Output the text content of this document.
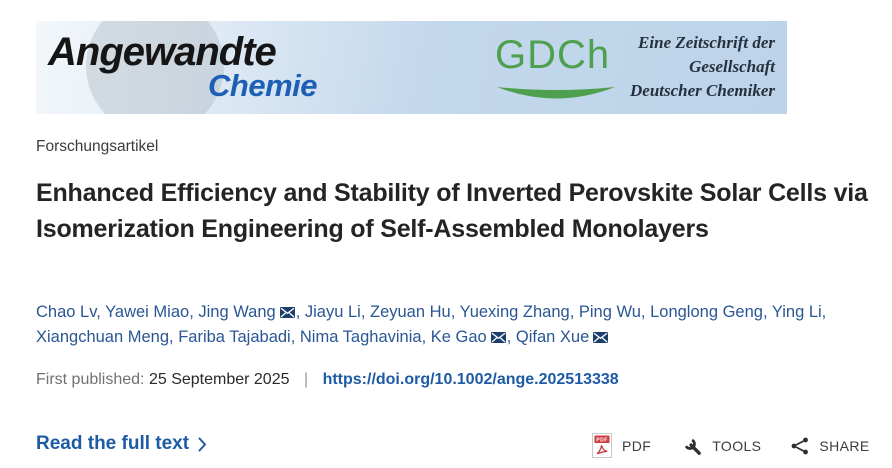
Angewandte
Chemie
GDCh	Eine Zeitschrift der
Gesellschaft
Deutscher Chemiker
Forschungsartikel
Enhanced Efficiency and Stability of Inverted Perovskite Solar Cells via Isomerization Engineering of Self-Assembled Monolayers
Chao Lv, Yawei Miao, Jing Wang , Jiayu Li, Zeyuan Hu, Yuexing Zhang, Ping Wu, Longlong Geng, Ying Li, Xiangchuan Meng, Fariba Tajabadi, Nima Taghavinia, Ke Gao , Qifan Xue
First published: 25 September 2025 | https://doi.org/10.1002/ange.202513338
Read the full text	PDF PDF	TOOLS	SHARE
